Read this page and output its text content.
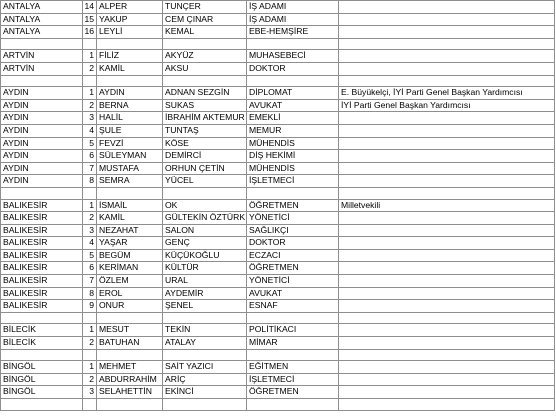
ANTALYA	14	ALPER	TUNÇER	İŞ ADAMI	
ANTALYA	15	YAKUP	CEM ÇINAR	İŞ ADAMI	
ANTALYA	16	LEYLİ	KEMAL	EBE-HEMŞİRE	

ARTVİN	1	FİLİZ	AKYÜZ	MUHASEBECİ	
ARTVİN	2	KAMİL	AKSU	DOKTOR	

AYDIN	1	AYDIN	ADNAN SEZGİN	DİPLOMAT	E. Büyükelçi, İYİ Parti Genel Başkan Yardımcısı
AYDIN	2	BERNA	SUKAS	AVUKAT	İYİ Parti Genel Başkan Yardımcısı
AYDIN	3	HALİL	İBRAHİM AKTEMUR	EMEKLİ	
AYDIN	4	ŞULE	TUNTAŞ	MEMUR	
AYDIN	5	FEVZİ	KÖSE	MÜHENDİS	
AYDIN	6	SÜLEYMAN	DEMİRCİ	DİŞ HEKİMİ	
AYDIN	7	MUSTAFA	ORHUN ÇETİN	MÜHENDİS	
AYDIN	8	SEMRA	YÜCEL	İŞLETMECİ	

BALIKESİR	1	İSMAİL	OK	ÖĞRETMEN	Milletvekili
BALIKESİR	2	KAMİL	GÜLTEKİN ÖZTÜRK	YÖNETİCİ	
BALIKESİR	3	NEZAHAT	SALON	SAĞLIKÇI	
BALIKESİR	4	YAŞAR	GENÇ	DOKTOR	
BALIKESİR	5	BEGÜM	KÜÇÜKOĞLU	ECZACI	
BALIKESİR	6	KERİMAN	KÜLTÜR	ÖĞRETMEN	
BALIKESİR	7	ÖZLEM	URAL	YÖNETİCİ	
BALIKESİR	8	EROL	AYDEMİR	AVUKAT	
BALIKESİR	9	ONUR	ŞENEL	ESNAF	

BİLECİK	1	MESUT	TEKİN	POLİTİKACI	
BİLECİK	2	BATUHAN	ATALAY	MİMAR	

BİNGÖL	1	MEHMET	SAİT YAZICI	EĞİTMEN	
BİNGÖL	2	ABDURRAHİM	ARİÇ	İŞLETMECİ	
BİNGÖL	3	SELAHETTİN	EKİNCİ	ÖĞRETMEN	
